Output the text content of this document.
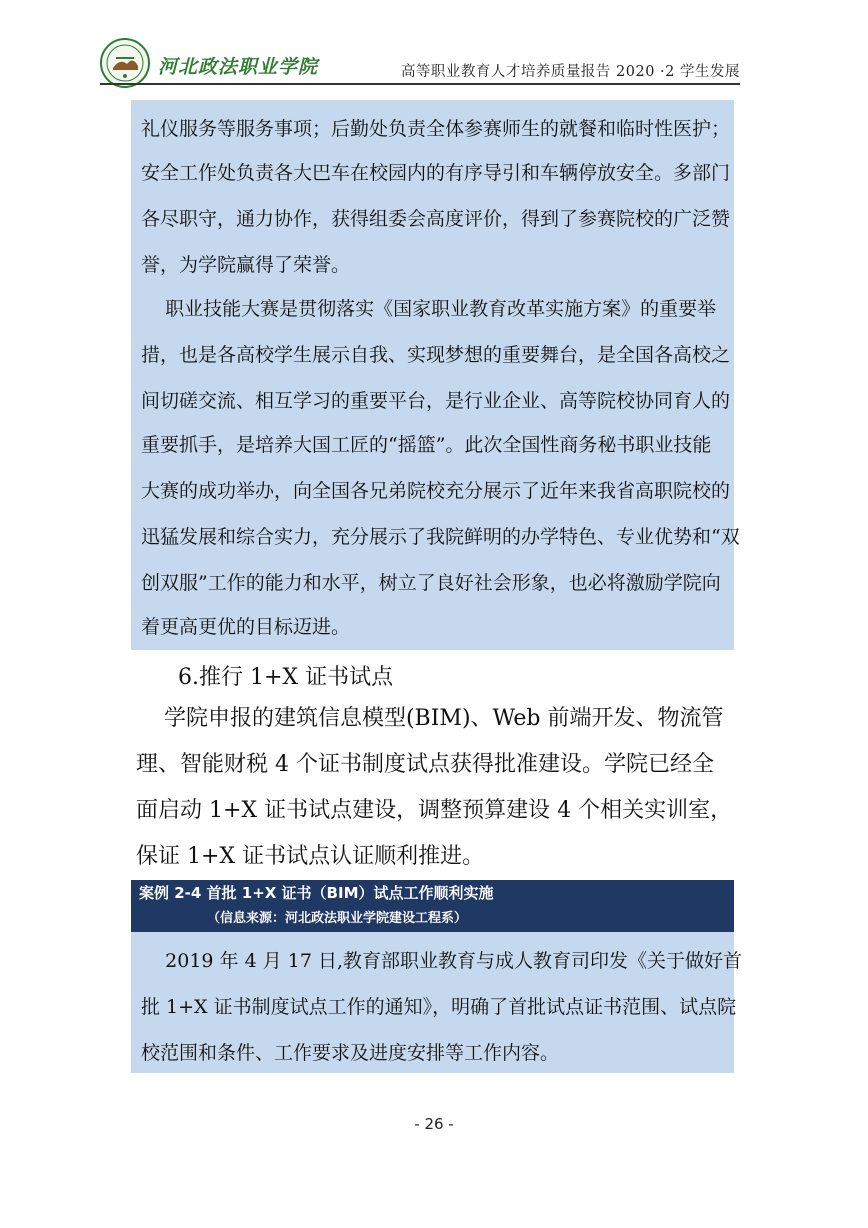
河北政法职业学院	高等职业教育人才培养质量报告 2020 ·2 学生发展
礼仪服务等服务事项；后勤处负责全体参赛师生的就餐和临时性医护；
安全工作处负责各大巴车在校园内的有序导引和车辆停放安全。多部门
各尽职守，通力协作，获得组委会高度评价，得到了参赛院校的广泛赞
誉，为学院赢得了荣誉。
职业技能大赛是贯彻落实《国家职业教育改革实施方案》的重要举
措，也是各高校学生展示自我、实现梦想的重要舞台，是全国各高校之
间切磋交流、相互学习的重要平台，是行业企业、高等院校协同育人的
重要抓手，是培养大国工匠的“摇篮”。此次全国性商务秘书职业技能
大赛的成功举办，向全国各兄弟院校充分展示了近年来我省高职院校的
迅猛发展和综合实力，充分展示了我院鲜明的办学特色、专业优势和“双
创双服”工作的能力和水平，树立了良好社会形象，也必将激励学院向
着更高更优的目标迈进。
6.推行 1+X 证书试点
学院申报的建筑信息模型(BIM)、Web 前端开发、物流管
理、智能财税 4 个证书制度试点获得批准建设。学院已经全
面启动 1+X 证书试点建设，调整预算建设 4 个相关实训室，
保证 1+X 证书试点认证顺利推进。
案例 2-4 首批 1+X 证书（BIM）试点工作顺利实施
（信息来源：河北政法职业学院建设工程系）
2019 年 4 月 17 日,教育部职业教育与成人教育司印发《关于做好首
批 1+X 证书制度试点工作的通知》，明确了首批试点证书范围、试点院
校范围和条件、工作要求及进度安排等工作内容。
- 26 -
